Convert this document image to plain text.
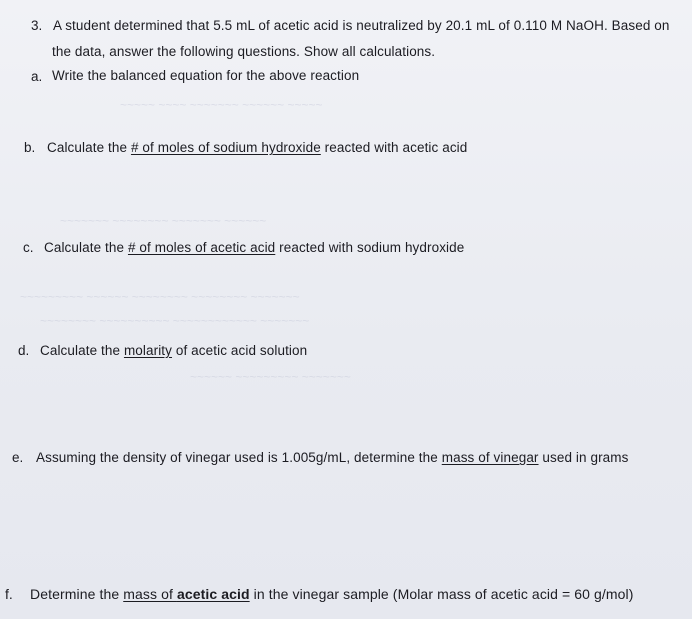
~~~~~ ~~~~ ~~~~~~~ ~~~~~~ ~~~~~
~~~~~~~ ~~~~~~~~ ~~~~~~~ ~~~~~~
~~~~~~~~~ ~~~~~~ ~~~~~~~~ ~~~~~~~~ ~~~~~~~
~~~~~~~~ ~~~~~~~~~~ ~~~~~~~~~~~~ ~~~~~~~
~~~~~~ ~~~~~~~~~ ~~~~~~~
3. A student determined that 5.5 mL of acetic acid is neutralized by 20.1 mL of 0.110 M NaOH. Based on
the data, answer the following questions. Show all calculations.
a. Write the balanced equation for the above reaction
b. Calculate the # of moles of sodium hydroxide reacted with acetic acid
c. Calculate the # of moles of acetic acid reacted with sodium hydroxide
d. Calculate the molarity of acetic acid solution
e. Assuming the density of vinegar used is 1.005g/mL, determine the mass of vinegar used in grams
f. Determine the mass of acetic acid in the vinegar sample (Molar mass of acetic acid = 60 g/mol)
